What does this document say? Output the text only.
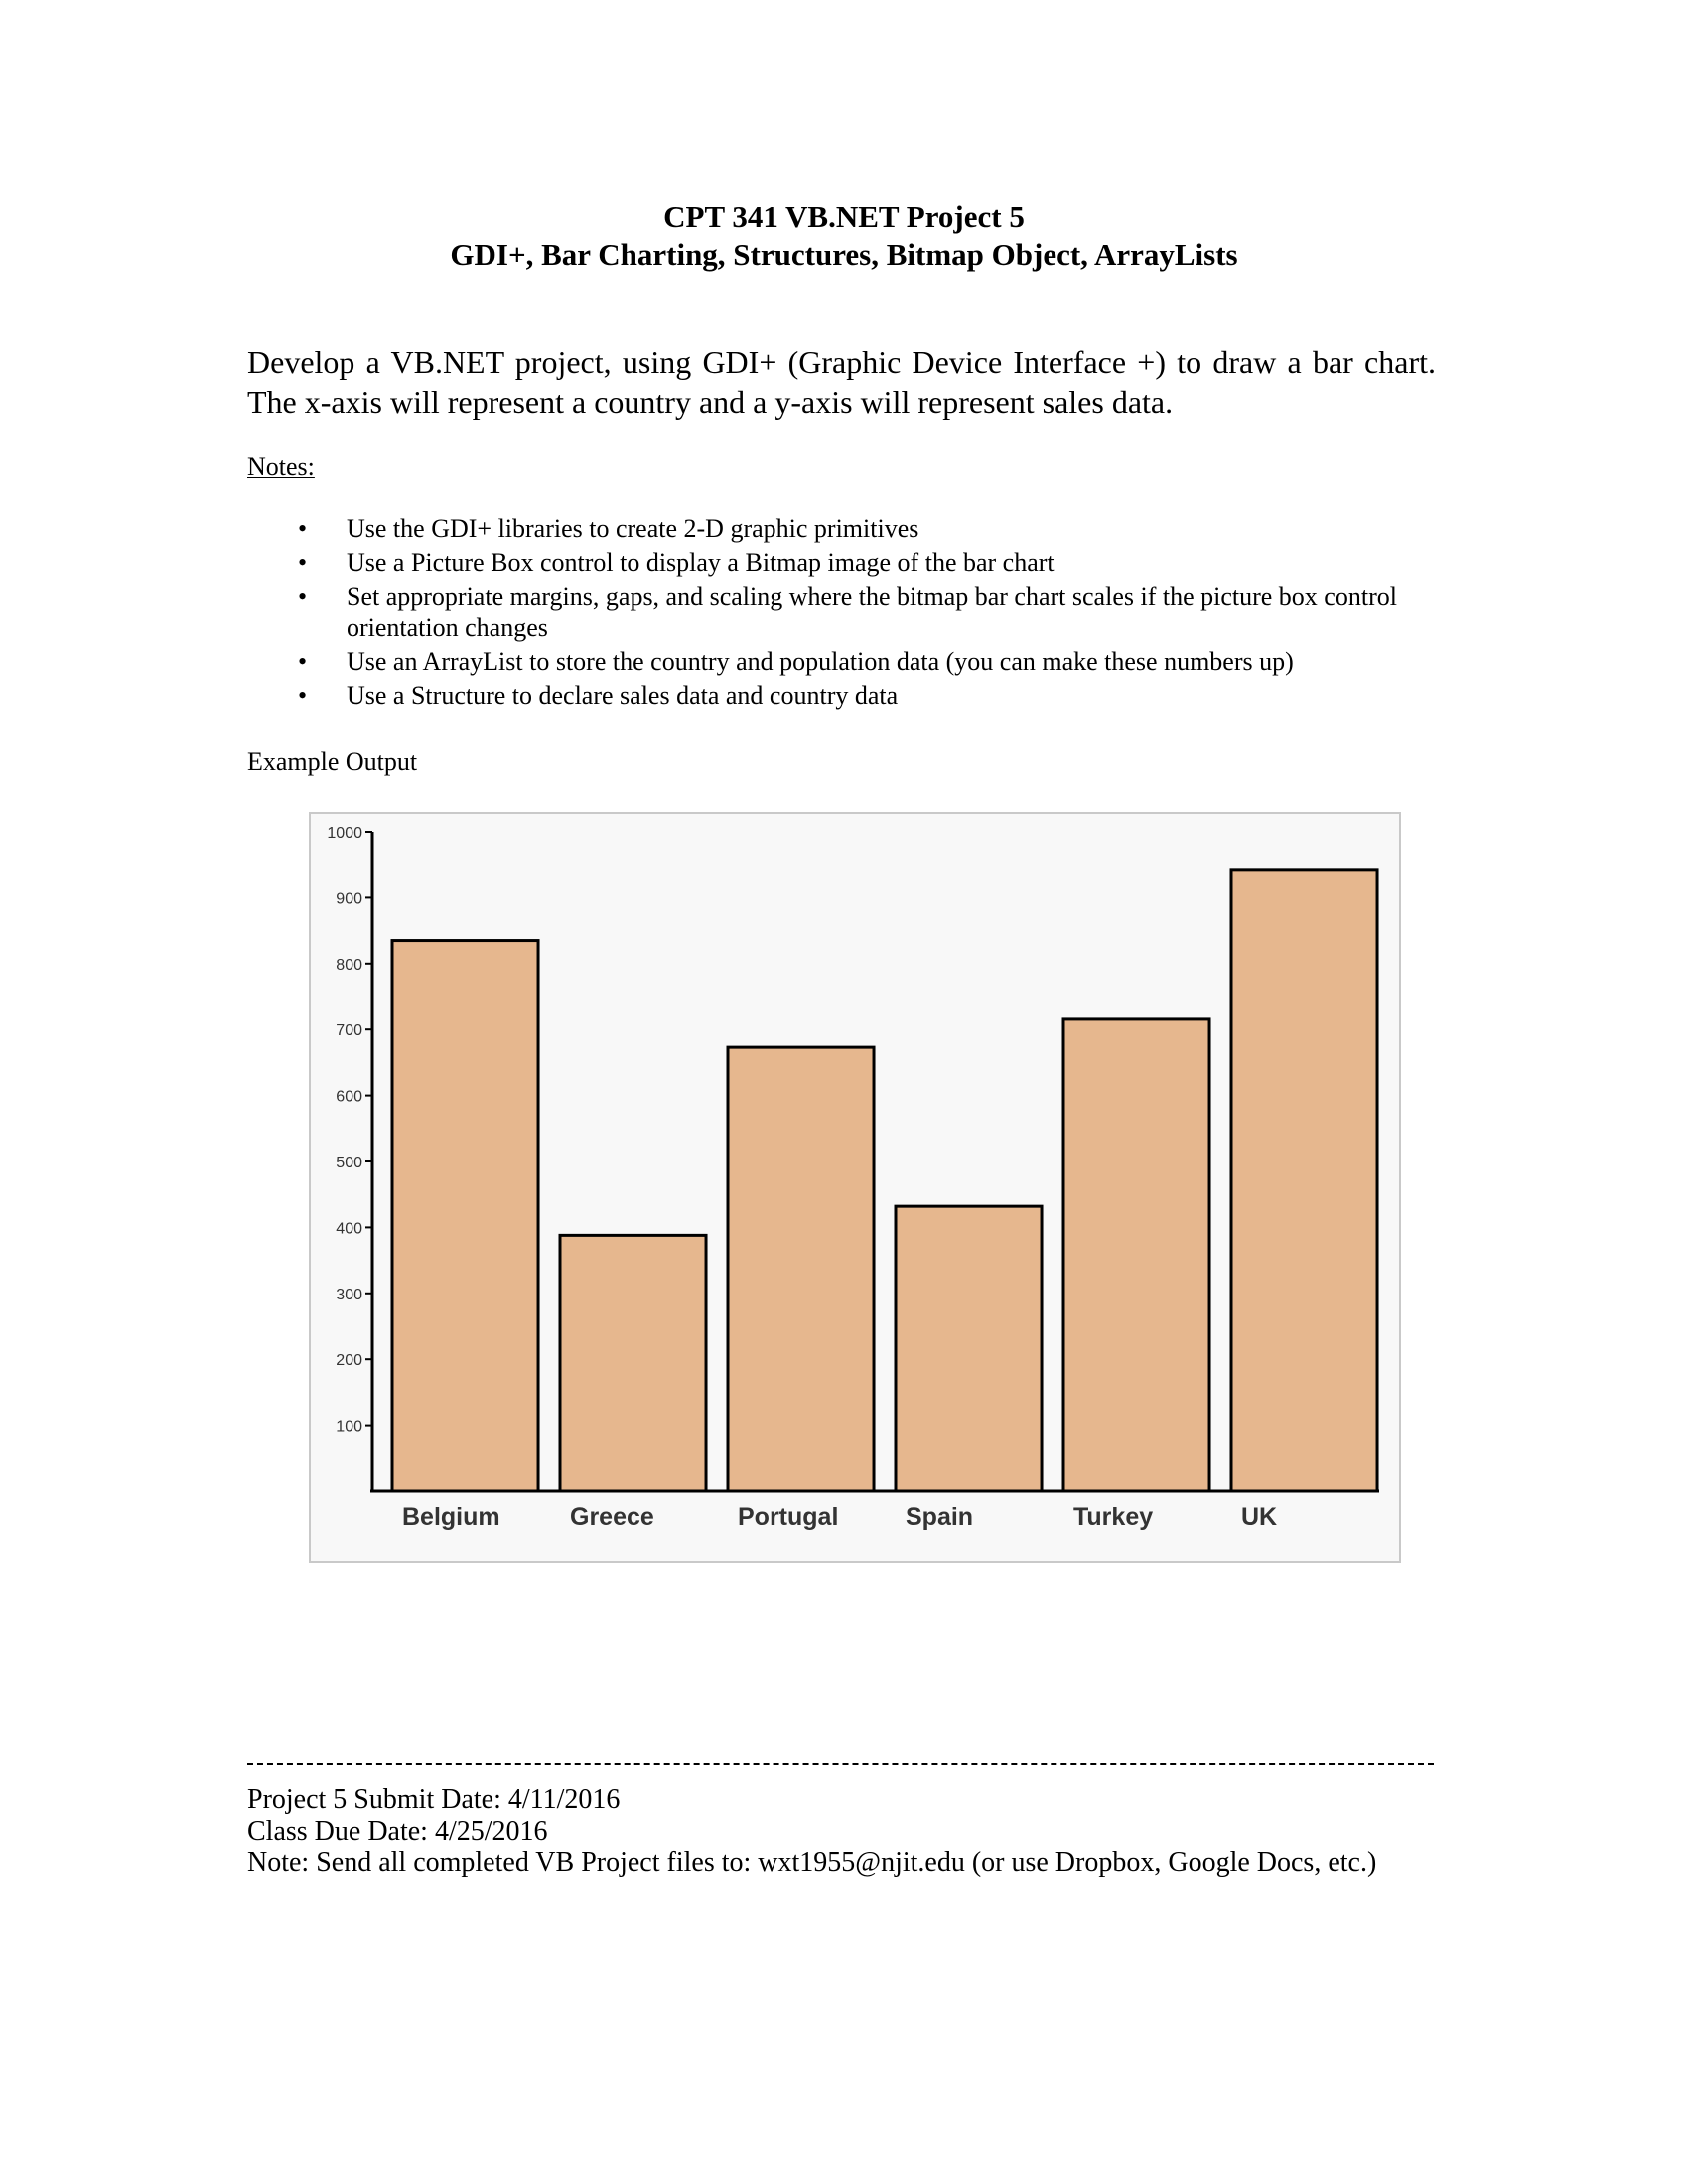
CPT 341 VB.NET Project 5
GDI+, Bar Charting, Structures, Bitmap Object, ArrayLists
Develop a VB.NET project, using GDI+ (Graphic Device Interface +) to draw a bar chart. The x-axis will represent a country and a y-axis will represent sales data.
Notes:
• Use the GDI+ libraries to create 2-D graphic primitives
• Use a Picture Box control to display a Bitmap image of the bar chart
• Set appropriate margins, gaps, and scaling where the bitmap bar chart scales if the picture box control orientation changes
• Use an ArrayList to store the country and population data (you can make these numbers up)
• Use a Structure to declare sales data and country data
Example Output
Belgium	Greece	Portugal	Spain	Turkey	UK
100
200
300
400
500
600
700
800
900
1000
Project 5 Submit Date: 4/11/2016
Class Due Date: 4/25/2016
Note: Send all completed VB Project files to: wxt1955@njit.edu (or use Dropbox, Google Docs, etc.)
